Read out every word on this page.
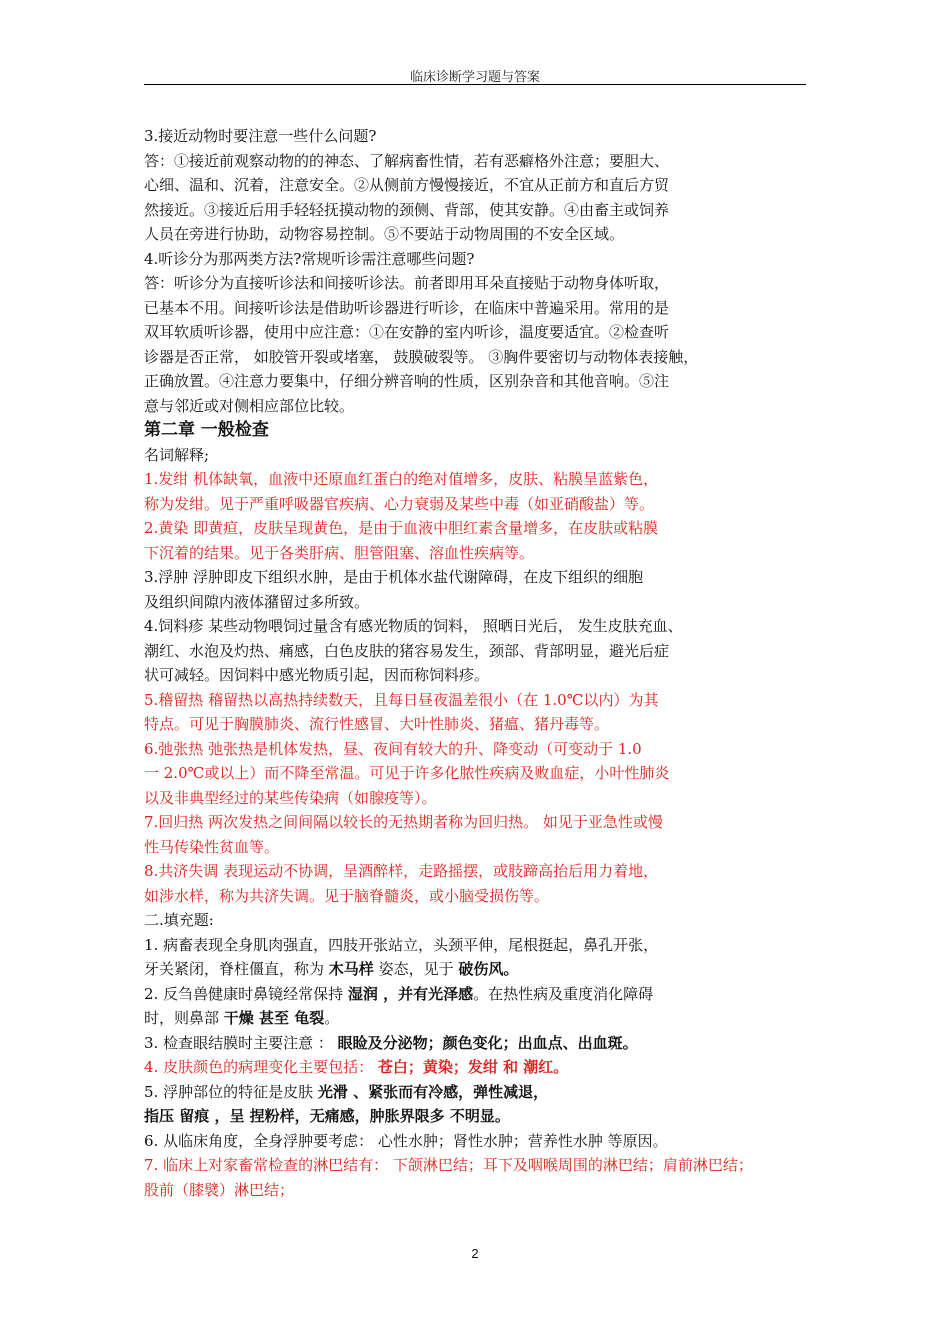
临床诊断学习题与答案
3.接近动物时要注意一些什么问题?
答：①接近前观察动物的的神态、了解病畜性情，若有恶癖格外注意；要胆大、
心细、温和、沉着，注意安全。②从侧前方慢慢接近，不宜从正前方和直后方贸
然接近。③接近后用手轻轻抚摸动物的颈侧、背部，使其安静。④由畜主或饲养
人员在旁进行协助，动物容易控制。⑤不要站于动物周围的不安全区域。
4.听诊分为那两类方法?常规听诊需注意哪些问题?
答：听诊分为直接听诊法和间接听诊法。前者即用耳朵直接贴于动物身体听取，
已基本不用。间接听诊法是借助听诊器进行听诊，在临床中普遍采用。常用的是
双耳软质听诊器，使用中应注意：①在安静的室内听诊，温度要适宜。②检查听
诊器是否正常， 如胶管开裂或堵塞， 鼓膜破裂等。 ③胸件要密切与动物体表接触，
正确放置。④注意力要集中，仔细分辨音响的性质，区别杂音和其他音响。⑤注
意与邻近或对侧相应部位比较。
第二章 一般检查
名词解释;
1.发绀 机体缺氧，血液中还原血红蛋白的绝对值增多，皮肤、粘膜呈蓝紫色，
称为发绀。见于严重呼吸器官疾病、心力衰弱及某些中毒（如亚硝酸盐）等。
2.黄染 即黄疸，皮肤呈现黄色，是由于血液中胆红素含量增多，在皮肤或粘膜
下沉着的结果。见于各类肝病、胆管阻塞、溶血性疾病等。
3.浮肿 浮肿即皮下组织水肿，是由于机体水盐代谢障碍，在皮下组织的细胞
及组织间隙内液体潴留过多所致。
4.饲料疹 某些动物喂饲过量含有感光物质的饲料， 照晒日光后， 发生皮肤充血、
潮红、水泡及灼热、痛感，白色皮肤的猪容易发生，颈部、背部明显，避光后症
状可减轻。因饲料中感光物质引起，因而称饲料疹。
5.稽留热 稽留热以高热持续数天，且每日昼夜温差很小（在 1.0℃以内）为其
特点。可见于胸膜肺炎、流行性感冒、大叶性肺炎、猪瘟、猪丹毒等。
6.弛张热 弛张热是机体发热，昼、夜间有较大的升、降变动（可变动于 1.0
一 2.0℃或以上）而不降至常温。可见于许多化脓性疾病及败血症，小叶性肺炎
以及非典型经过的某些传染病（如腺疫等）。
7.回归热 两次发热之间间隔以较长的无热期者称为回归热。 如见于亚急性或慢
性马传染性贫血等。
8.共济失调 表现运动不协调，呈酒醉样，走路摇摆，或肢蹄高抬后用力着地，
如涉水样，称为共济失调。见于脑脊髓炎，或小脑受损伤等。
二.填充题:
1. 病畜表现全身肌肉强直，四肢开张站立，头颈平伸，尾根挺起，鼻孔开张，
牙关紧闭，脊柱僵直，称为 木马样 姿态，见于 破伤风。
2. 反刍兽健康时鼻镜经常保持 湿润 ，并有光泽感。在热性病及重度消化障碍
时，则鼻部 干燥 甚至 龟裂。
3. 检查眼结膜时主要注意 ： 眼睑及分泌物；颜色变化；出血点、出血斑。
4. 皮肤颜色的病理变化主要包括： 苍白；黄染；发绀 和 潮红。
5. 浮肿部位的特征是皮肤 光滑 、紧张而有冷感，弹性减退，
指压 留痕 ，呈 捏粉样，无痛感，肿胀界限多 不明显。
6. 从临床角度，全身浮肿要考虑： 心性水肿；肾性水肿；营养性水肿 等原因。
7. 临床上对家畜常检查的淋巴结有： 下颌淋巴结；耳下及咽喉周围的淋巴结；肩前淋巴结；
股前（膝襞）淋巴结；
2
